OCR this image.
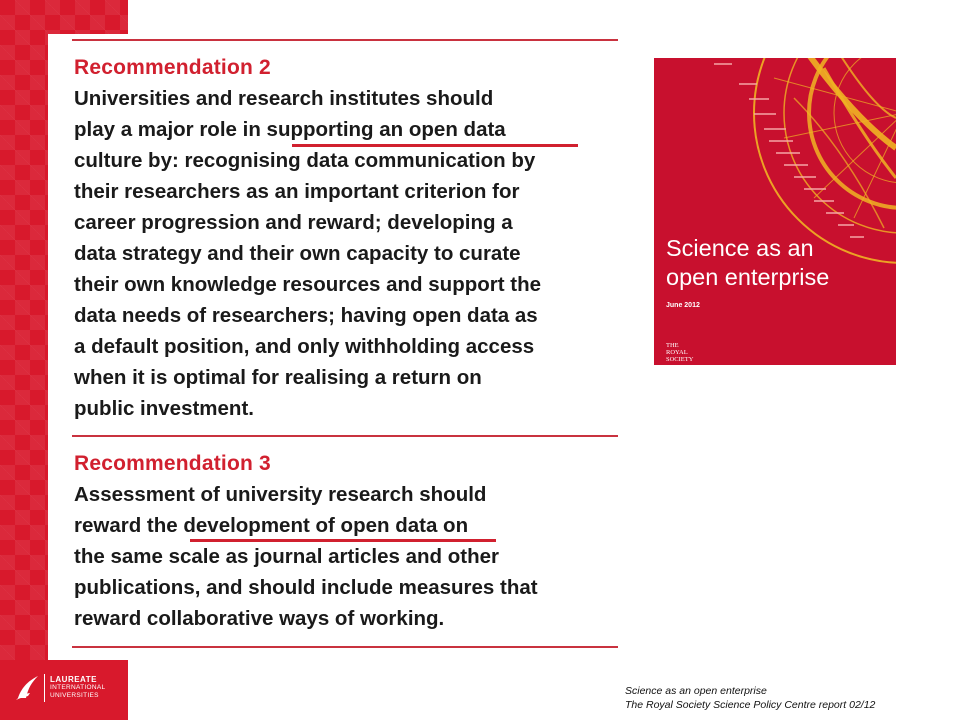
Recommendation 2
Universities and research institutes should
play a major role in supporting an open data
culture by: recognising data communication by
their researchers as an important criterion for
career progression and reward; developing a
data strategy and their own capacity to curate
their own knowledge resources and support the
data needs of researchers; having open data as
a default position, and only withholding access
when it is optimal for realising a return on
public investment.
Recommendation 3
Assessment of university research should
reward the development of open data on
the same scale as journal articles and other
publications, and should include measures that
reward collaborative ways of working.
Science as an
open enterprise
June 2012
THE
ROYAL
SOCIETY
LAUREATE
INTERNATIONAL
UNIVERSITIES	Science as an open enterprise
The Royal Society Science Policy Centre report 02/12
